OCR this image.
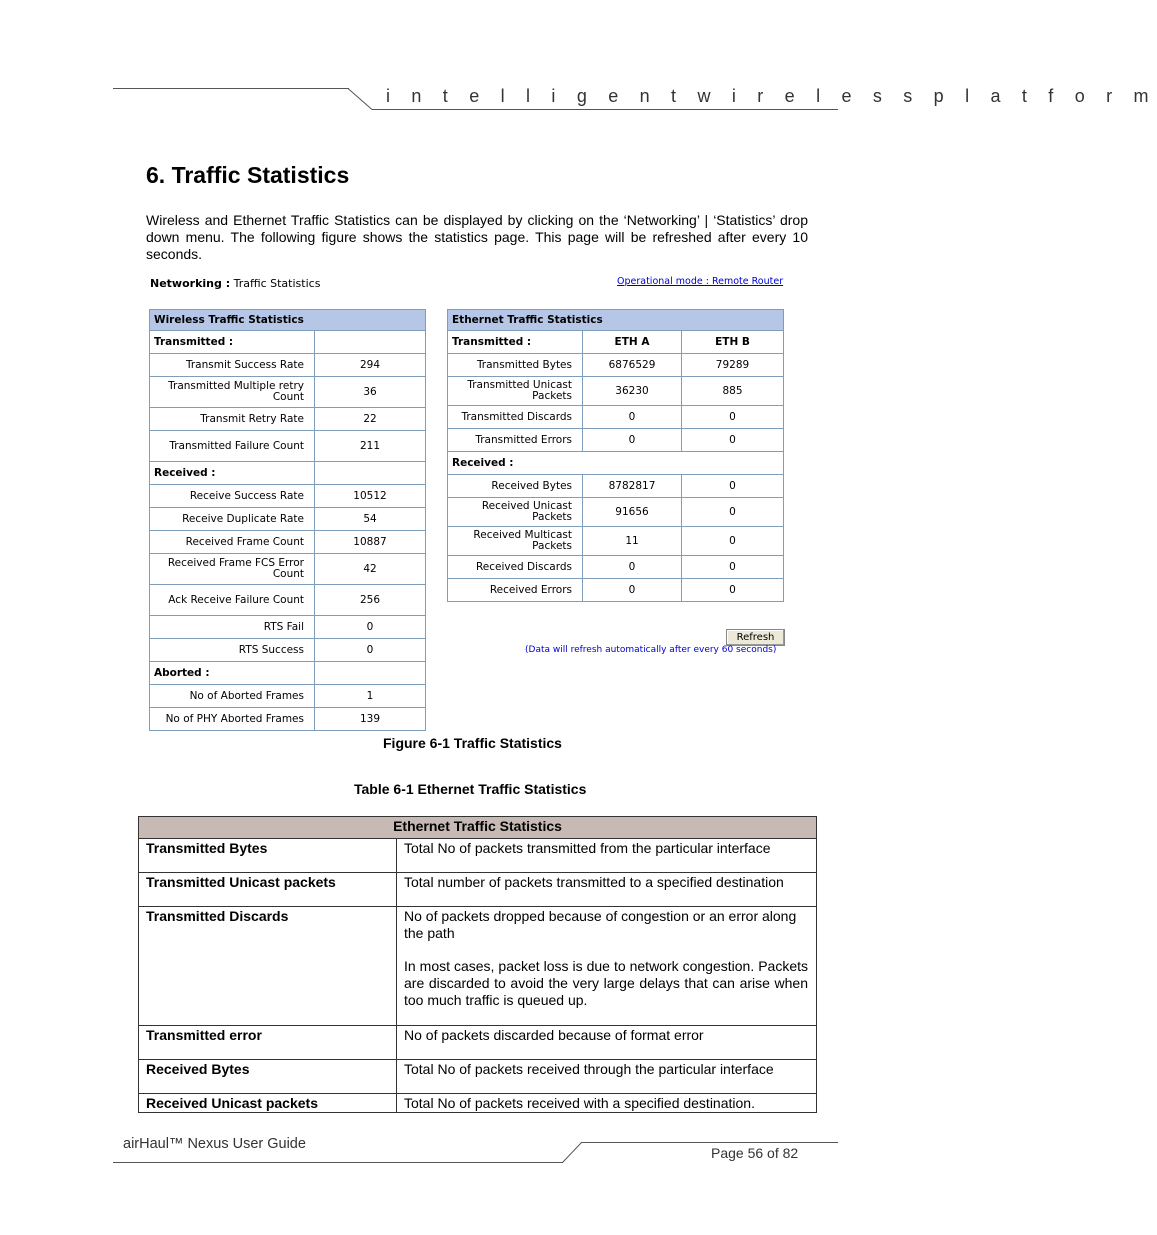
i n t e l l i g e n t w i r e l e s s p l a t f o r m
6. Traffic Statistics
Wireless and Ethernet Traffic Statistics can be displayed by clicking on the ‘Networking’ | ‘Statistics’ drop down menu. The following figure shows the statistics page. This page will be refreshed after every 10 seconds.
Networking : Traffic Statistics	Operational mode : Remote Router
Wireless Traffic Statistics	
Transmitted :	
Transmit Success Rate	294
Transmitted Multiple retry Count	36
Transmit Retry Rate	22
Transmitted Failure Count	211
Received :	
Receive Success Rate	10512
Receive Duplicate Rate	54
Received Frame Count	10887
Received Frame FCS Error Count	42
Ack Receive Failure Count	256
RTS Fail	0
RTS Success	0
Aborted :	
No of Aborted Frames	1
No of PHY Aborted Frames	139
Ethernet Traffic Statistics		
Transmitted :	ETH A	ETH B
Transmitted Bytes	6876529	79289
Transmitted Unicast Packets	36230	885
Transmitted Discards	0	0
Transmitted Errors	0	0
Received :		
Received Bytes	8782817	0
Received Unicast Packets	91656	0
Received Multicast Packets	11	0
Received Discards	0	0
Received Errors	0	0
Refresh
(Data will refresh automatically after every 60 seconds)
Figure 6-1 Traffic Statistics
Table 6-1 Ethernet Traffic Statistics
Ethernet Traffic Statistics	
Transmitted Bytes	Total No of packets transmitted from the particular interface

Transmitted Unicast packets	Total number of packets transmitted to a specified destination

Transmitted Discards	No of packets dropped because of congestion or an error along the path

In most cases, packet loss is due to network congestion. Packets are discarded to avoid the very large delays that can arise when too much traffic is queued up.

Transmitted error	No of packets discarded because of format error

Received Bytes	Total No of packets received through the particular interface

Received Unicast packets	Total No of packets received with a specified destination.

airHaul™ Nexus User Guide
Page 56 of 82
